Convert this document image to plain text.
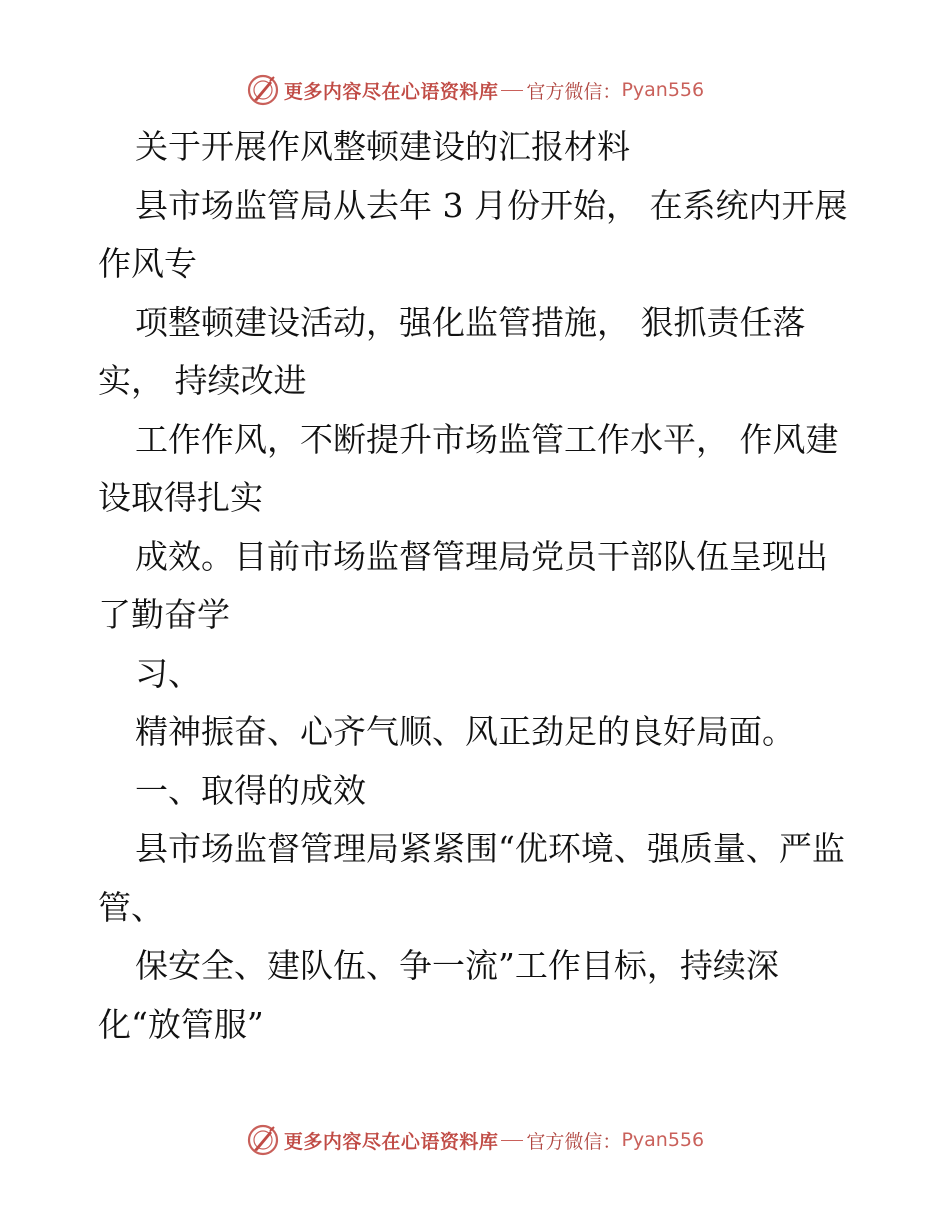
更多内容尽在心语资料库 官方微信： Pyan556

关于开展作风整顿建设的汇报材料

县市场监管局从去年 3 月份开始， 在系统内开展作风专

项整顿建设活动，强化监管措施， 狠抓责任落实， 持续改进

工作作风，不断提升市场监管工作水平， 作风建设取得扎实

成效。目前市场监督管理局党员干部队伍呈现出了勤奋学

习、

精神振奋、心齐气顺、风正劲足的良好局面。

一、取得的成效

县市场监督管理局紧紧围“优环境、强质量、严监管、

保安全、建队伍、争一流”工作目标，持续深化“放管服”

更多内容尽在心语资料库 官方微信： Pyan556
